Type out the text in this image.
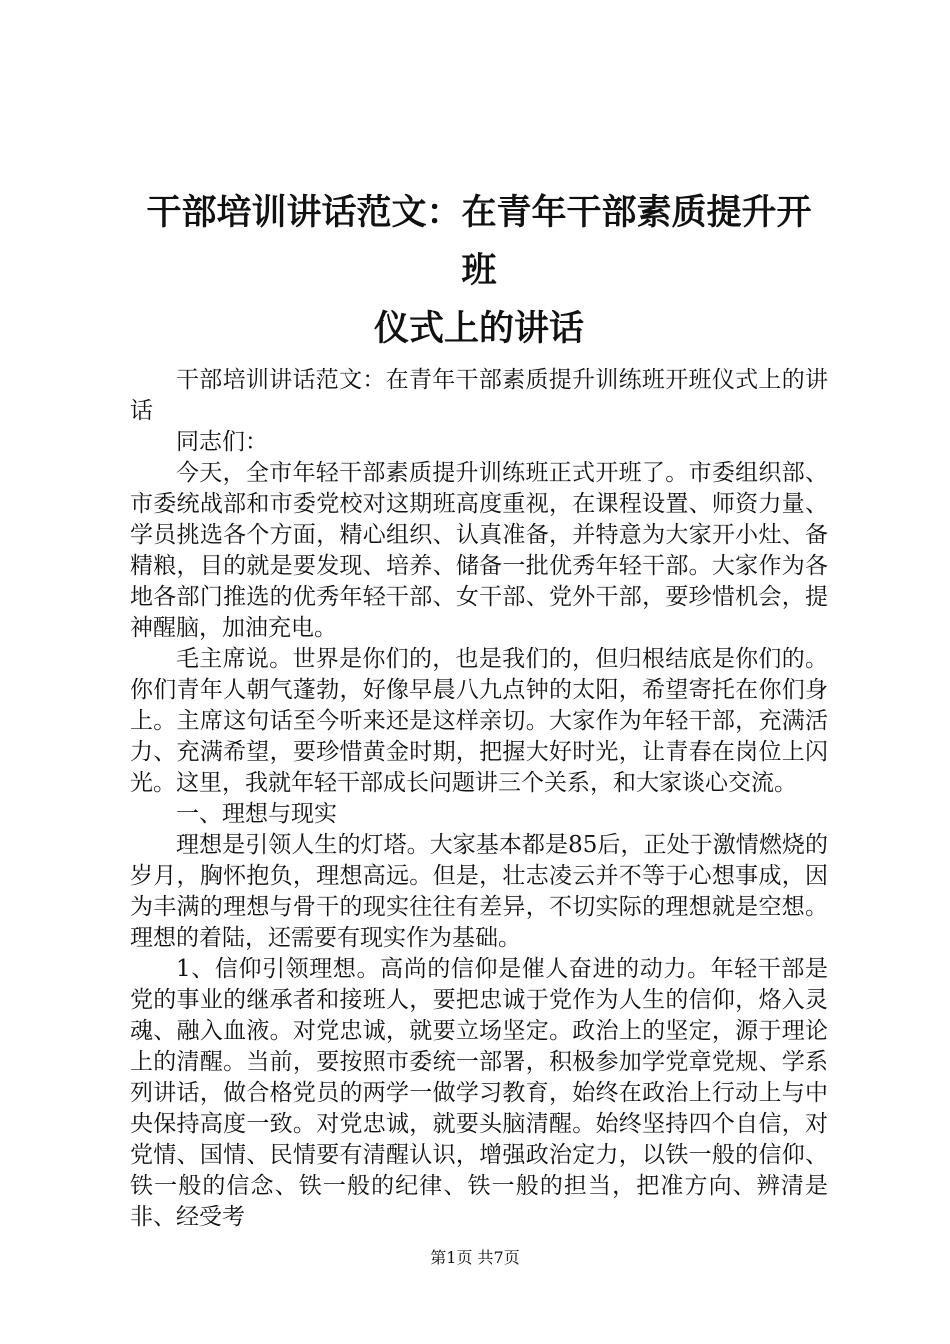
干部培训讲话范文：在青年干部素质提升开班
仪式上的讲话

干部培训讲话范文：在青年干部素质提升训练班开班仪式上的讲话

同志们：

今天，全市年轻干部素质提升训练班正式开班了。市委组织部、市委统战部和市委党校对这期班高度重视，在课程设置、师资力量、学员挑选各个方面，精心组织、认真准备，并特意为大家开小灶、备精粮，目的就是要发现、培养、储备一批优秀年轻干部。大家作为各地各部门推选的优秀年轻干部、女干部、党外干部，要珍惜机会，提神醒脑，加油充电。

毛主席说。世界是你们的，也是我们的，但归根结底是你们的。你们青年人朝气蓬勃，好像早晨八九点钟的太阳，希望寄托在你们身上。主席这句话至今听来还是这样亲切。大家作为年轻干部，充满活力、充满希望，要珍惜黄金时期，把握大好时光，让青春在岗位上闪光。这里，我就年轻干部成长问题讲三个关系，和大家谈心交流。

一、理想与现实

理想是引领人生的灯塔。大家基本都是85后，正处于激情燃烧的岁月，胸怀抱负，理想高远。但是，壮志凌云并不等于心想事成，因为丰满的理想与骨干的现实往往有差异，不切实际的理想就是空想。理想的着陆，还需要有现实作为基础。

1、信仰引领理想。高尚的信仰是催人奋进的动力。年轻干部是党的事业的继承者和接班人，要把忠诚于党作为人生的信仰，烙入灵魂、融入血液。对党忠诚，就要立场坚定。政治上的坚定，源于理论上的清醒。当前，要按照市委统一部署，积极参加学党章党规、学系列讲话，做合格党员的两学一做学习教育，始终在政治上行动上与中央保持高度一致。对党忠诚，就要头脑清醒。始终坚持四个自信，对党情、国情、民情要有清醒认识，增强政治定力，以铁一般的信仰、铁一般的信念、铁一般的纪律、铁一般的担当，把准方向、辨清是非、经受考

第1页 共7页
